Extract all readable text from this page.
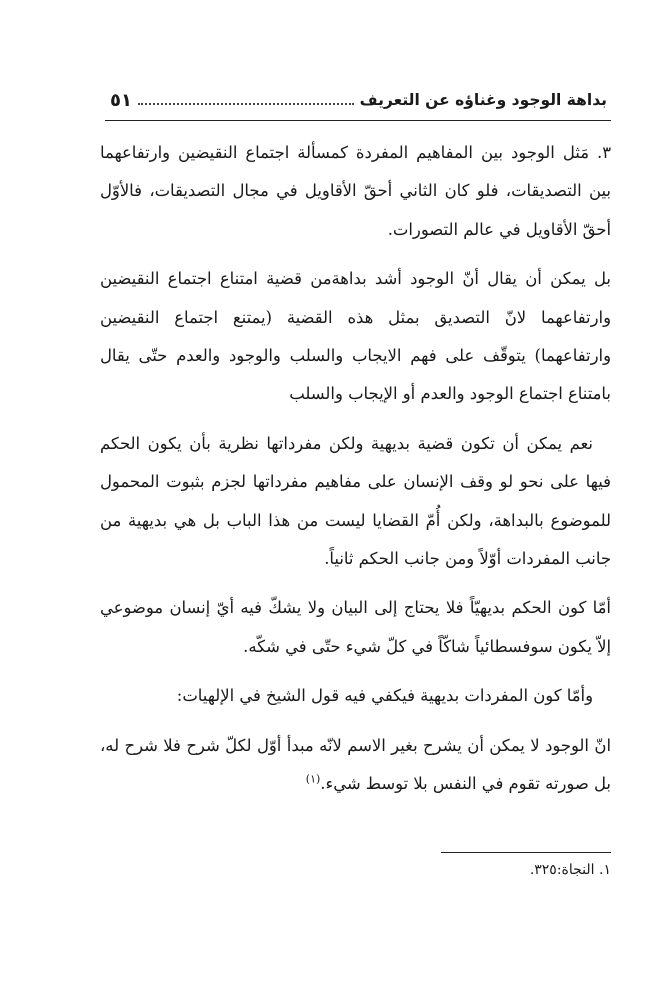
بداهة الوجود وغناؤه عن التعريف
٥١

٣. مَثل الوجود بين المفاهيم المفردة كمسألة اجتماع النقيضين وارتفاعهما بين التصديقات، فلو كان الثاني أحقّ الأقاويل في مجال التصديقات، فالأوّل أحقّ الأقاويل في عالم التصورات.

بل يمكن أن يقال أنّ الوجود أشد بداهةمن قضية امتناع اجتماع النقيضين وارتفاعهما لانّ التصديق بمثل هذه القضية (يمتنع اجتماع النقيضين وارتفاعهما) يتوقّف على فهم الايجاب والسلب والوجود والعدم حتّى يقال بامتناع اجتماع الوجود والعدم أو الإيجاب والسلب

نعم يمكن أن تكون قضية بديهية ولكن مفرداتها نظرية بأن يكون الحكم فيها على نحو لو وقف الإنسان على مفاهيم مفرداتها لجزم بثبوت المحمول للموضوع بالبداهة، ولكن أُمّ القضايا ليست من هذا الباب بل هي بديهية من جانب المفردات أوّلاً ومن جانب الحكم ثانياً.

أمّا كون الحكم بديهيّاً فلا يحتاج إلى البيان ولا يشكّ فيه أيّ إنسان موضوعي إلاّ يكون سوفسطائياً شاكّاً في كلّ شيء حتّى في شكّه.

وأمّا كون المفردات بديهية فيكفي فيه قول الشيخ في الإلهيات:

انّ الوجود لا يمكن أن يشرح بغير الاسم لانّه مبدأ أوّل لكلّ شرح فلا شرح له، بل صورته تقوم في النفس بلا توسط شيء.$^{(١)}$

١. النجاة:٣٢٥.
